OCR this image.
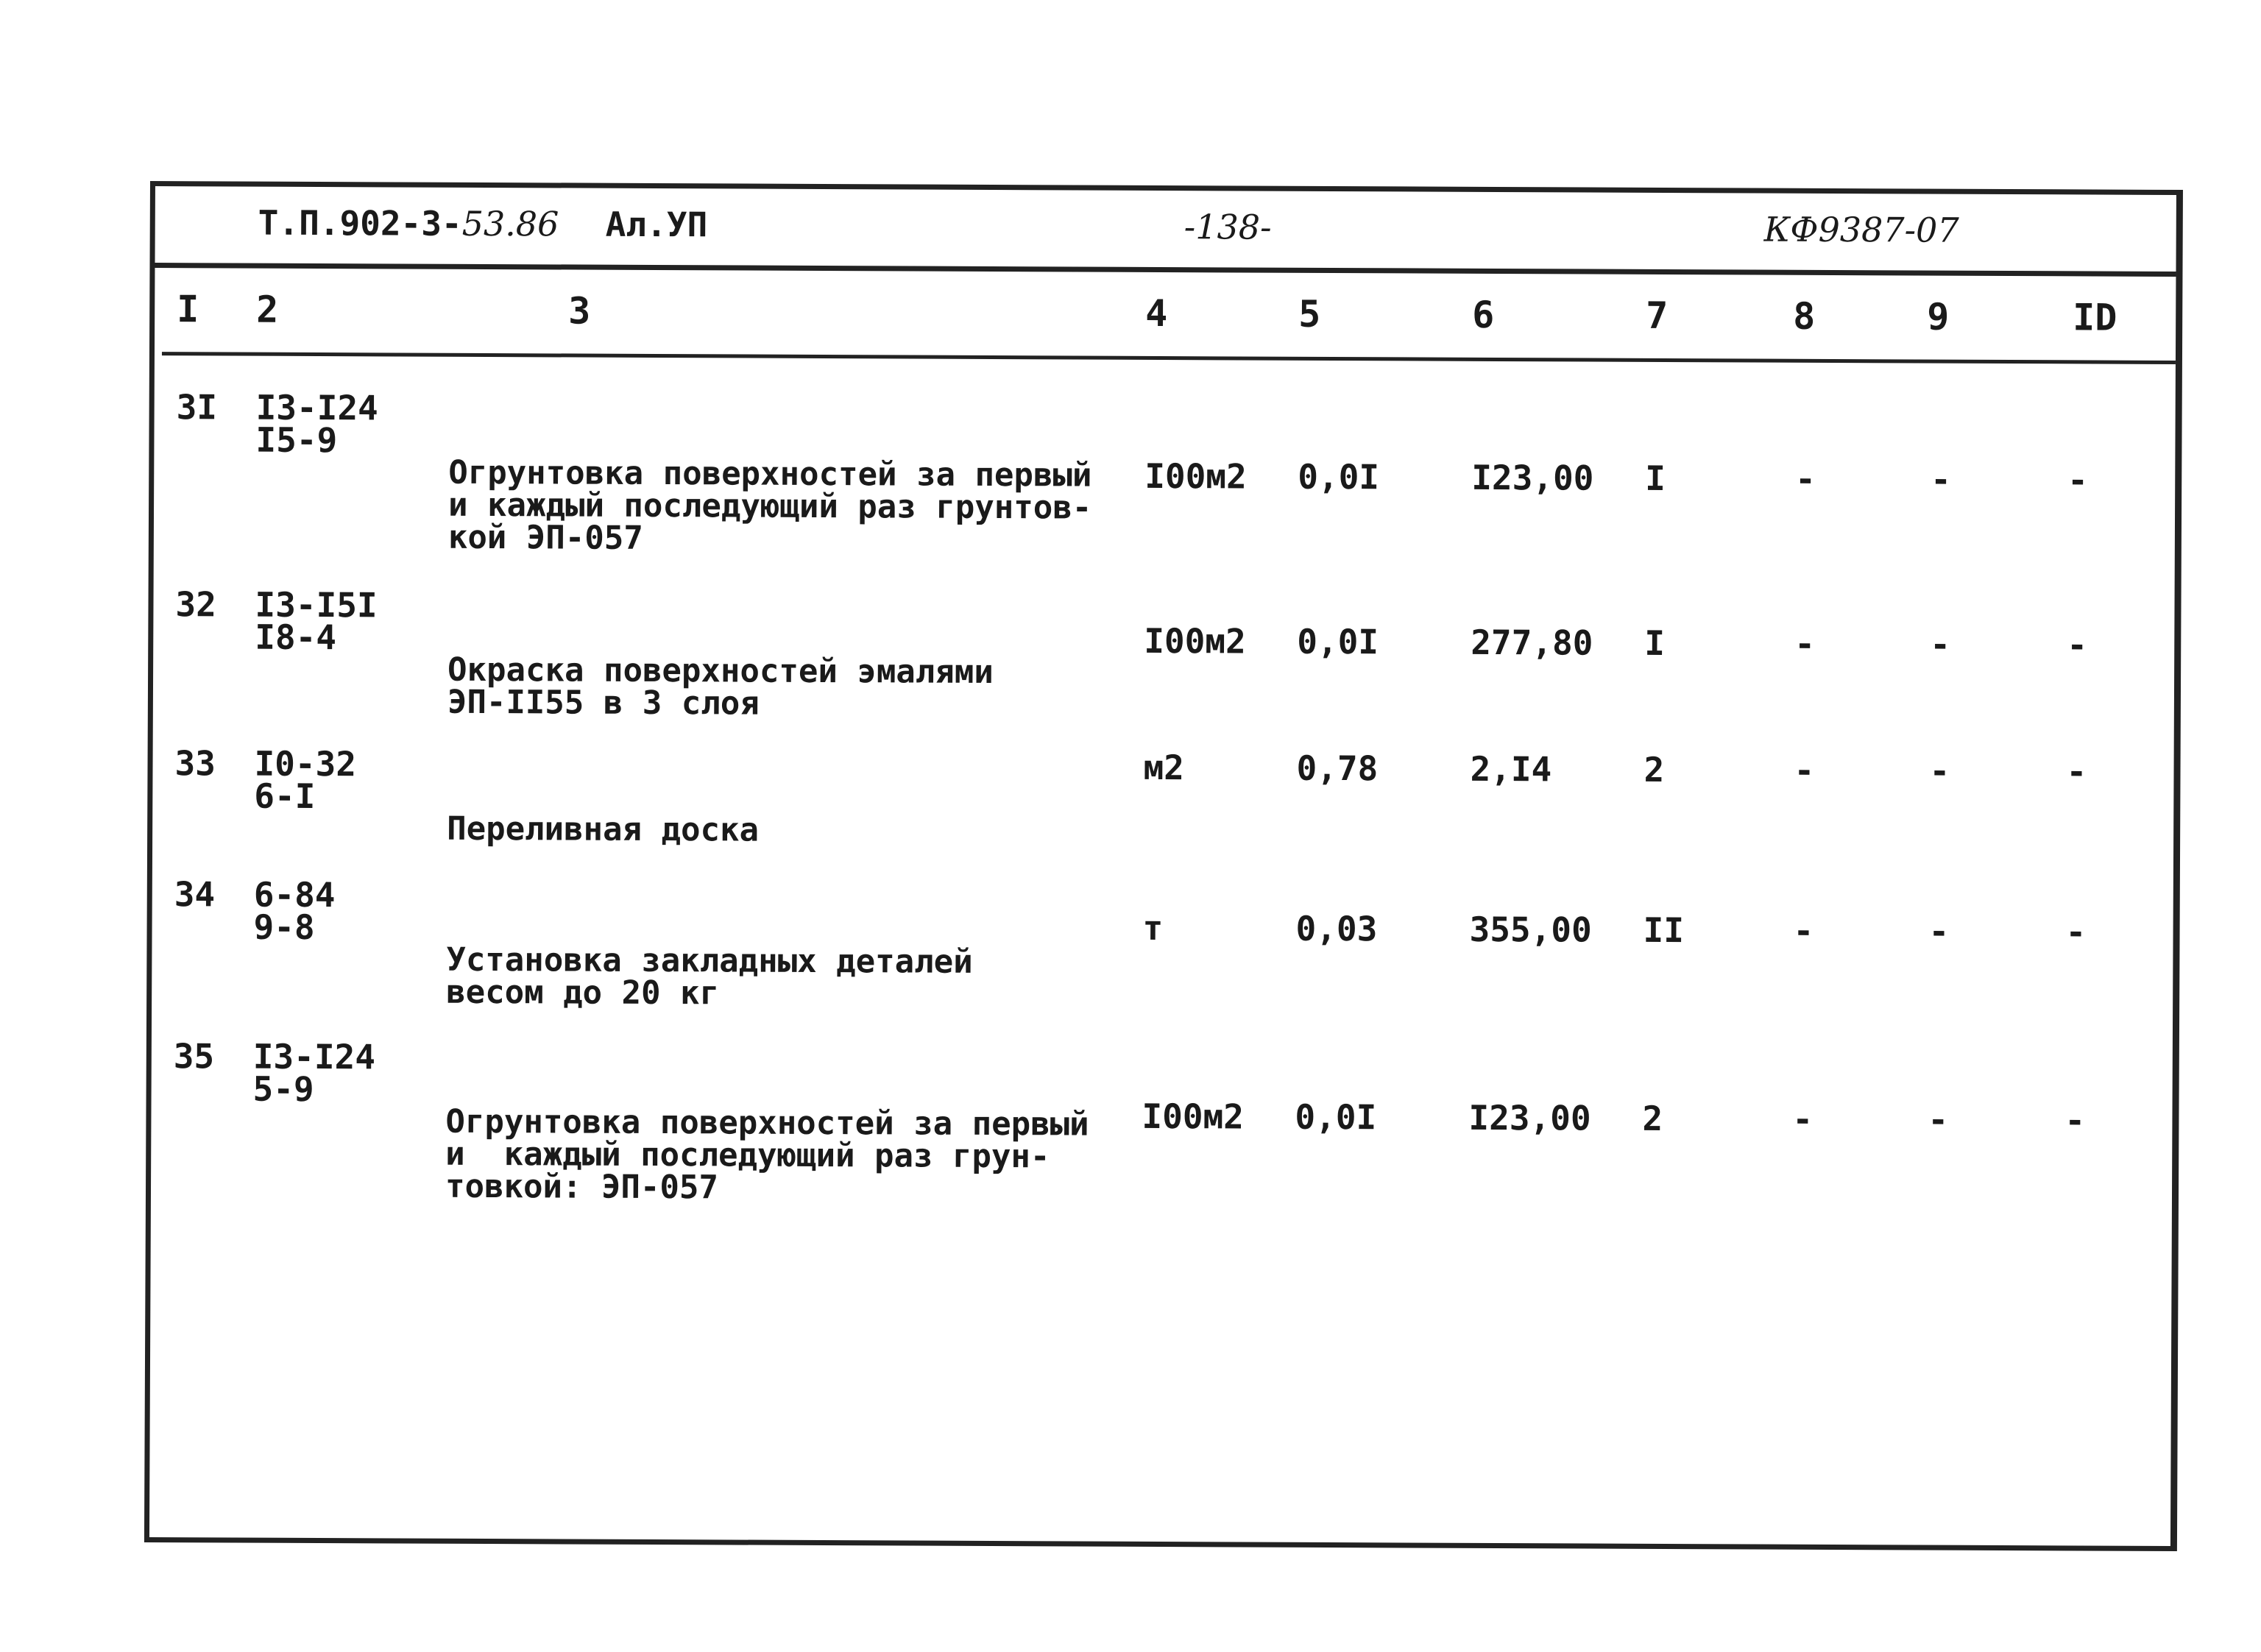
Т.П.902-3-53.86 Ал.УП	-138-	КФ9387-07
I 2	3	4	5	6	7	8	9	ID
3I I3-I24
I5-9

Огрунтовка поверхностей за первый
и каждый последующий раз грунтов-
кой ЭП-057

I00м2 0,0I	I23,00 I	-	-	-
32 I3-I5I
I8-4

Окраска поверхностей эмалями
ЭП-II55 в 3 слоя

I00м2 0,0I	277,80 I	-	-	-
33 I0-32
6-I

Переливная доска

м2	0,78	2,I4	2	-	-	-
34 6-84
9-8

Установка закладных деталей
весом до 20 кг

т	0,03	355,00 II	-	-	-
35 I3-I24
5-9

Огрунтовка поверхностей за первый
и  каждый последующий раз грун-
товкой: ЭП-057

I00м2 0,0I	I23,00 2	-	-	-
